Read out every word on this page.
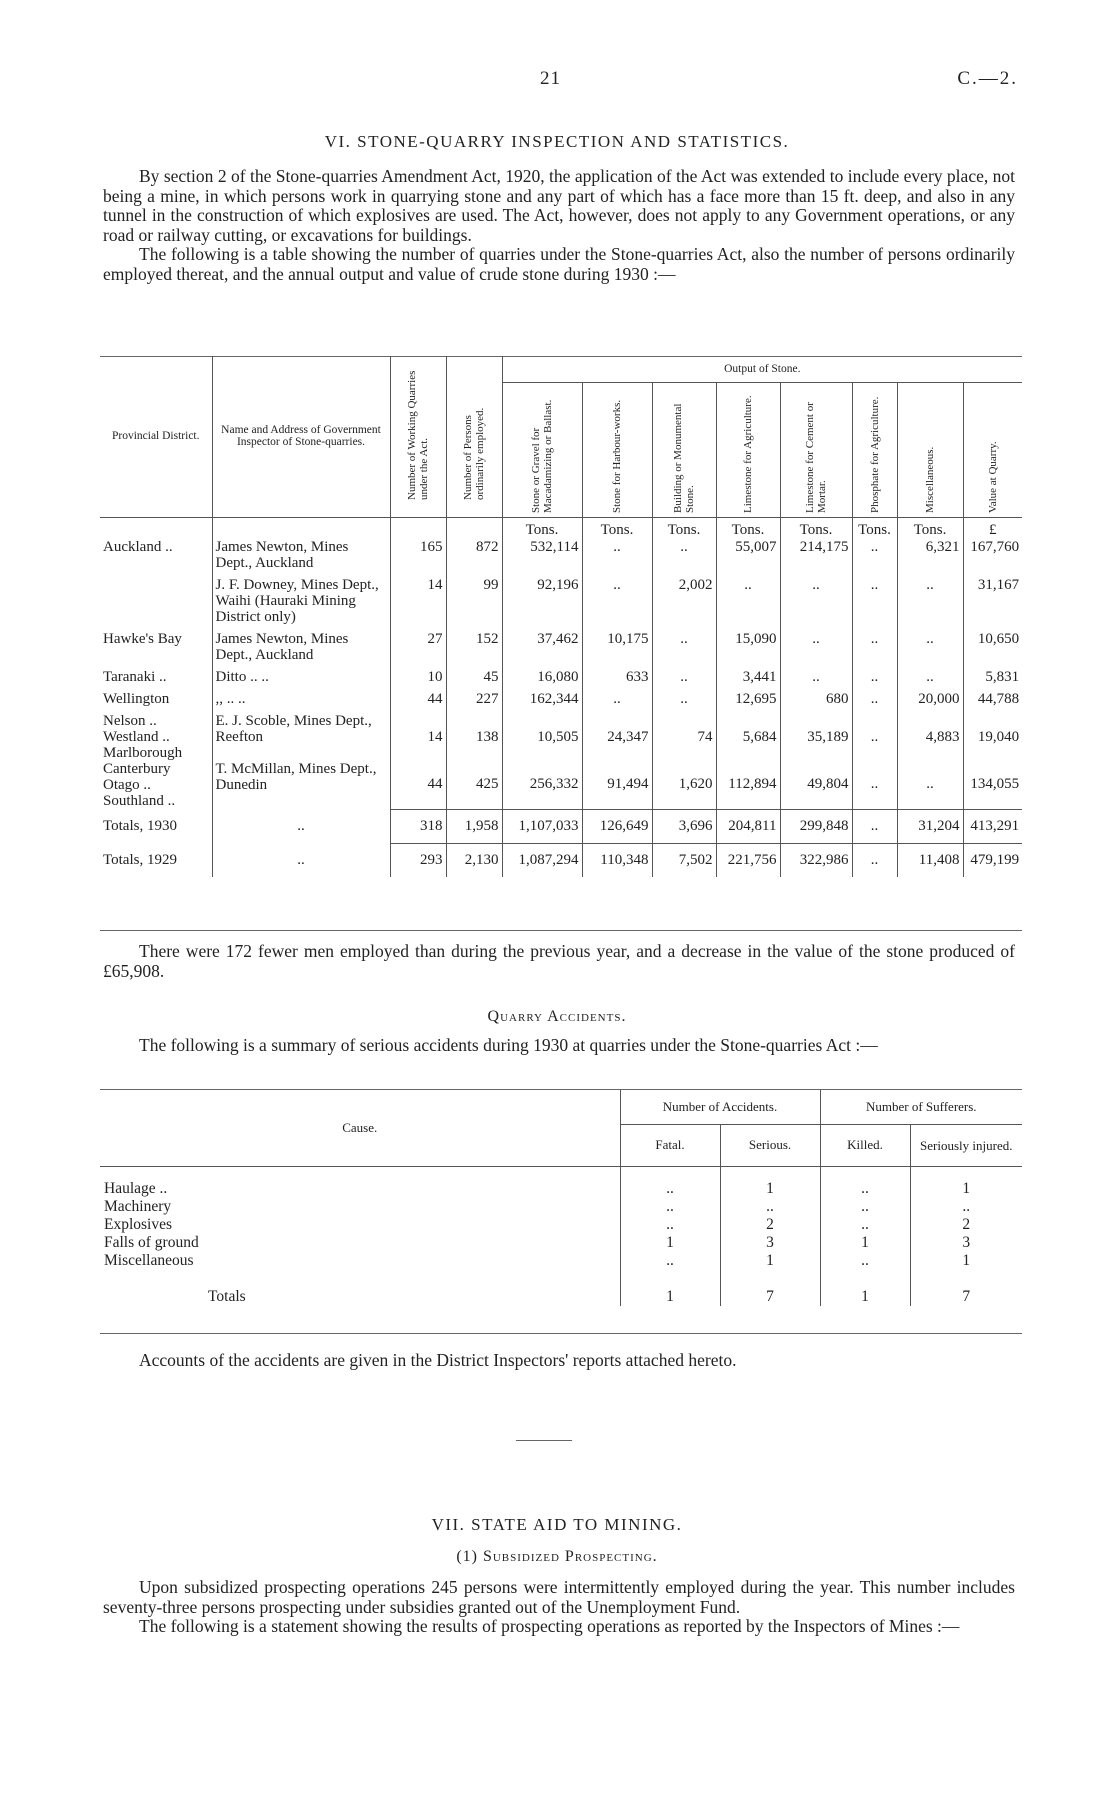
21	C.—2.
VI. STONE-QUARRY INSPECTION AND STATISTICS.

By section 2 of the Stone-quarries Amendment Act, 1920, the application of the Act was extended to include every place, not being a mine, in which persons work in quarrying stone and any part of which has a face more than 15 ft. deep, and also in any tunnel in the construction of which explosives are used. The Act, however, does not apply to any Government operations, or any road or railway cutting, or excavations for buildings.

The following is a table showing the number of quarries under the Stone-quarries Act, also the number of persons ordinarily employed thereat, and the annual output and value of crude stone during 1930 :—

Provincial District.	Name and Address of Government Inspector of Stone-quarries.	Number of Working Quarries under the Act.	Number of Persons ordinarily employed.	Output of Stone.							
				Stone or Gravel for Macadamizing or Ballast.	Stone for Harbour-works.	Building or Monumental Stone.	Limestone for Agriculture.	Limestone for Cement or Mortar.	Phosphate for Agriculture.	Miscellaneous.	Value at Quarry.
				Tons.	Tons.	Tons.	Tons.	Tons.	Tons.	Tons.	£
Auckland ..	James Newton, Mines Dept., Auckland	165	872	532,114	..	..	55,007	214,175	..	6,321	167,760
	J. F. Downey, Mines Dept., Waihi (Hauraki Mining District only)	14	99	92,196	..	2,002	..	..	..	..	31,167
Hawke's Bay	James Newton, Mines Dept., Auckland	27	152	37,462	10,175	..	15,090	..	..	..	10,650
Taranaki ..	Ditto .. ..	10	45	16,080	633	..	3,441	..	..	..	5,831
Wellington	,, .. ..	44	227	162,344	..	..	12,695	680	..	20,000	44,788
Nelson ..
Westland ..
Marlborough	E. J. Scoble, Mines Dept., Reefton	14	138	10,505	24,347	74	5,684	35,189	..	4,883	19,040
Canterbury
Otago ..
Southland ..	T. McMillan, Mines Dept., Dunedin	44	425	256,332	91,494	1,620	112,894	49,804	..	..	134,055
Totals, 1930	..	318	1,958	1,107,033	126,649	3,696	204,811	299,848	..	31,204	413,291
Totals, 1929	..	293	2,130	1,087,294	110,348	7,502	221,756	322,986	..	11,408	479,199

There were 172 fewer men employed than during the previous year, and a decrease in the value of the stone produced of £65,908.

Quarry Accidents.

The following is a summary of serious accidents during 1930 at quarries under the Stone-quarries Act :—

Cause.	Number of Accidents.		Number of Sufferers.	
	Fatal.	Serious.	Killed.	Seriously injured.

Haulage ..	..	1	..	1
Machinery	..	..	..	..
Explosives	..	2	..	2
Falls of ground	1	3	1	3
Miscellaneous	..	1	..	1
Totals	1	7	1	7

Accounts of the accidents are given in the District Inspectors' reports attached hereto.

VII. STATE AID TO MINING.
(1) Subsidized Prospecting.

Upon subsidized prospecting operations 245 persons were intermittently employed during the year. This number includes seventy-three persons prospecting under subsidies granted out of the Unemployment Fund.

The following is a statement showing the results of prospecting operations as reported by the Inspectors of Mines :—
